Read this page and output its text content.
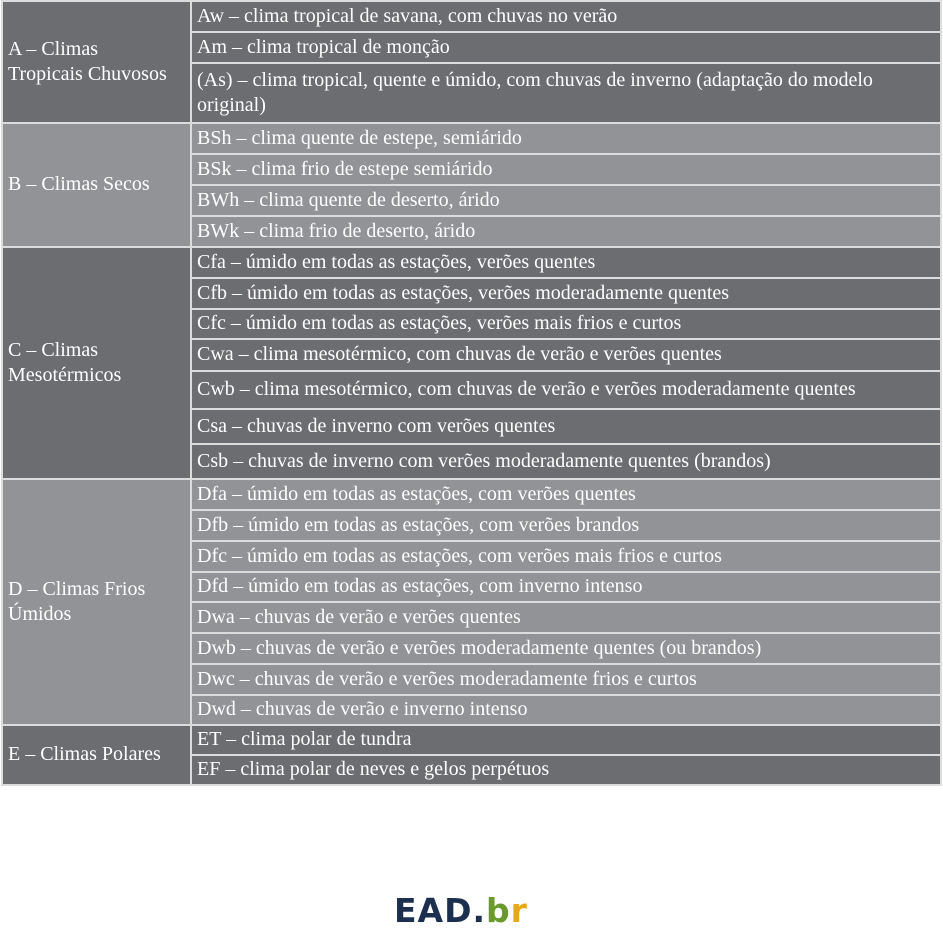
A – Climas
Tropicais Chuvosos	Aw – clima tropical de savana, com chuvas no verão
	Am – clima tropical de monção
	(As) – clima tropical, quente e úmido, com chuvas de inverno (adaptação do modelo original)

B – Climas Secos	BSh – clima quente de estepe, semiárido
	BSk – clima frio de estepe semiárido
	BWh – clima quente de deserto, árido
	BWk – clima frio de deserto, árido

C – Climas
Mesotérmicos	Cfa – úmido em todas as estações, verões quentes
	Cfb – úmido em todas as estações, verões moderadamente quentes
	Cfc – úmido em todas as estações, verões mais frios e curtos
	Cwa – clima mesotérmico, com chuvas de verão e verões quentes
	Cwb – clima mesotérmico, com chuvas de verão e verões moderadamente quentes
	Csa – chuvas de inverno com verões quentes
	Csb – chuvas de inverno com verões moderadamente quentes (brandos)

D – Climas Frios
Úmidos	Dfa – úmido em todas as estações, com verões quentes
	Dfb – úmido em todas as estações, com verões brandos
	Dfc – úmido em todas as estações, com verões mais frios e curtos
	Dfd – úmido em todas as estações, com inverno intenso
	Dwa – chuvas de verão e verões quentes
	Dwb – chuvas de verão e verões moderadamente quentes (ou brandos)
	Dwc – chuvas de verão e verões moderadamente frios e curtos
	Dwd – chuvas de verão e inverno intenso

E – Climas Polares	ET – clima polar de tundra
	EF – clima polar de neves e gelos perpétuos
EAD.br
